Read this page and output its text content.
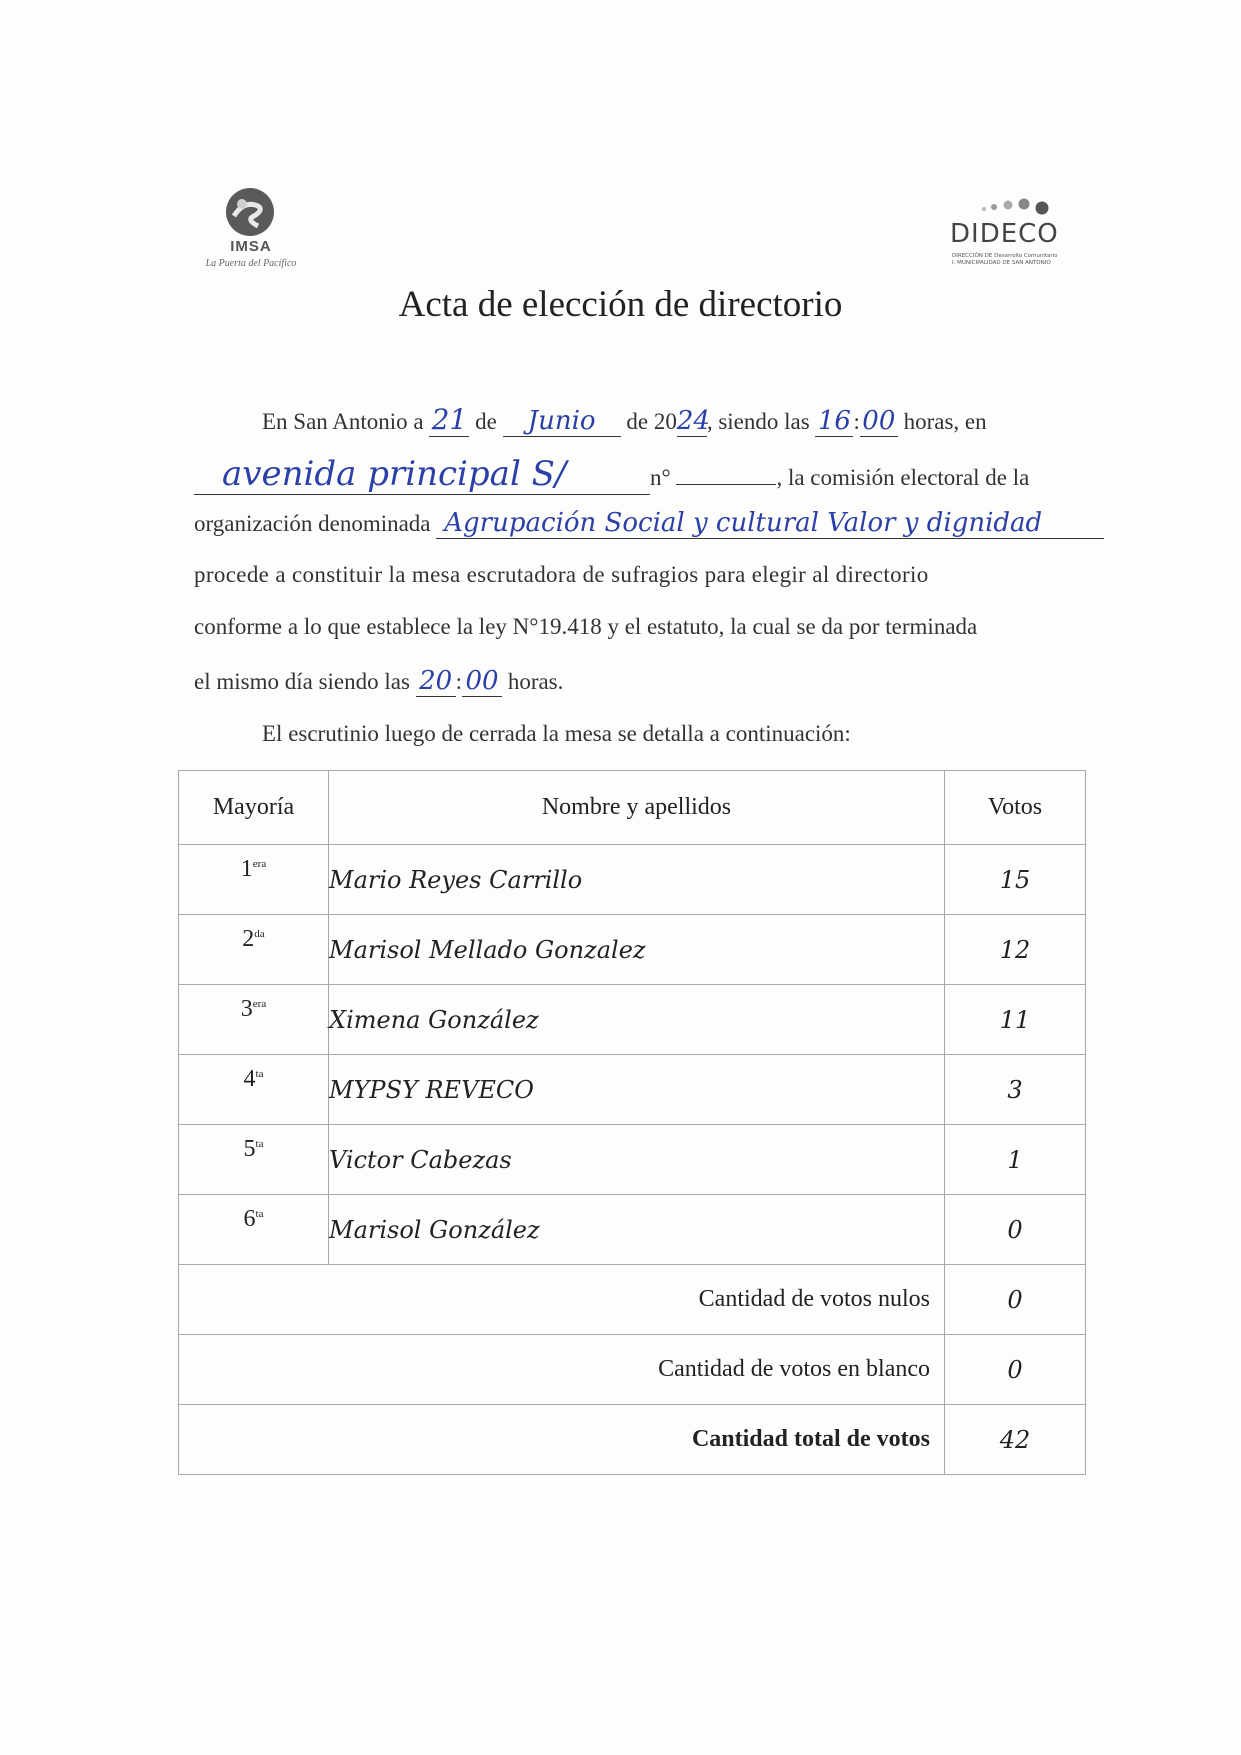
IMSA
La Puerta del Pacífico
DIDECO
DIRECCIÓN DE Desarrollo Comunitario
I. MUNICIPALIDAD DE SAN ANTONIO
Acta de elección de directorio
En San Antonio a 21 de Junio de 2024, siendo las 16 :00 horas, en
avenida principal S/	n°	, la comisión electoral de la
organización denominada Agrupación Social y cultural Valor y dignidad
procede a constituir la mesa escrutadora de sufragios para elegir al directorio
conforme a lo que establece la ley N°19.418 y el estatuto, la cual se da por terminada
el mismo día siendo las 20 : 00 horas.
El escrutinio luego de cerrada la mesa se detalla a continuación:
Mayoría	Nombre y apellidos	Votos
$1^{era}$	Mario Reyes Carrillo	15
$2^{da}$	Marisol Mellado Gonzalez	12
$3^{era}$	Ximena González	11
$4^{ta}$	MYPSY REVECO	3
$5^{ta}$	Victor Cabezas	1
$6^{ta}$	Marisol González	0
Cantidad de votos nulos		0
Cantidad de votos en blanco		0
Cantidad total de votos		42
